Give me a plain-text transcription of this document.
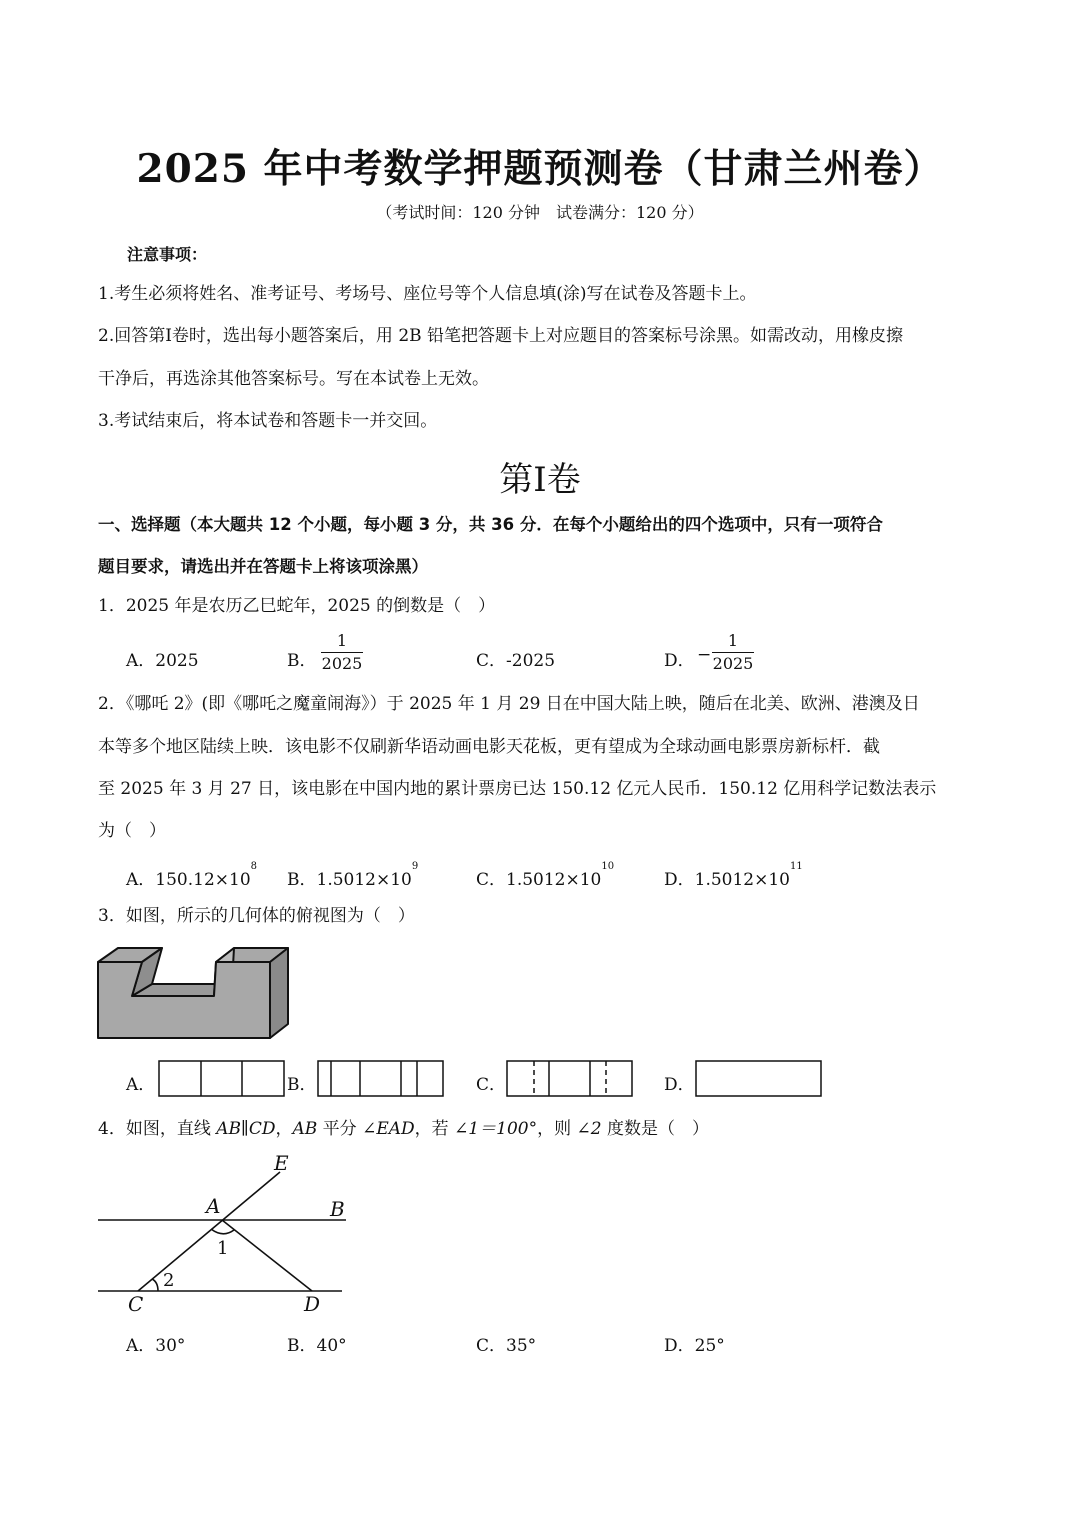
2025 年中考数学押题预测卷（甘肃兰州卷）
（考试时间：120 分钟　试卷满分：120 分）
注意事项：
1.考生必须将姓名、准考证号、考场号、座位号等个人信息填(涂)写在试卷及答题卡上。
2.回答第Ⅰ卷时，选出每小题答案后，用 2B 铅笔把答题卡上对应题目的答案标号涂黑。如需改动，用橡皮擦
干净后，再选涂其他答案标号。写在本试卷上无效。
3.考试结束后，将本试卷和答题卡一并交回。
第Ⅰ卷
一、选择题（本大题共 12 个小题，每小题 3 分，共 36 分．在每个小题给出的四个选项中，只有一项符合
题目要求，请选出并在答题卡上将该项涂黑）
1．2025 年是农历乙巳蛇年，2025 的倒数是（　）
A．2025	B．
1
2025	C．-2025	D． −
1
2025
2．《哪吒 2》(即《哪吒之魔童闹海》）于 2025 年 1 月 29 日在中国大陆上映，随后在北美、欧洲、港澳及日
本等多个地区陆续上映．该电影不仅刷新华语动画电影天花板，更有望成为全球动画电影票房新标杆．截
至 2025 年 3 月 27 日，该电影在中国内地的累计票房已达 150.12 亿元人民币．150.12 亿用科学记数法表示
为（　）
A．$150.12\times 10^8$
B．$1.5012\times 10^9$
C．$1.5012\times 10^{10}$
D．$1.5012\times 10^{11}$
3．如图，所示的几何体的俯视图为（　）
A．	B．	C．	D．
4．如图，直线 AB∥CD，AB 平分 ∠EAD，若 ∠1＝100°，则 ∠2 度数是（　）
E
A	B
C	D
1
2
A．30°	B．40°	C．35°	D．25°
